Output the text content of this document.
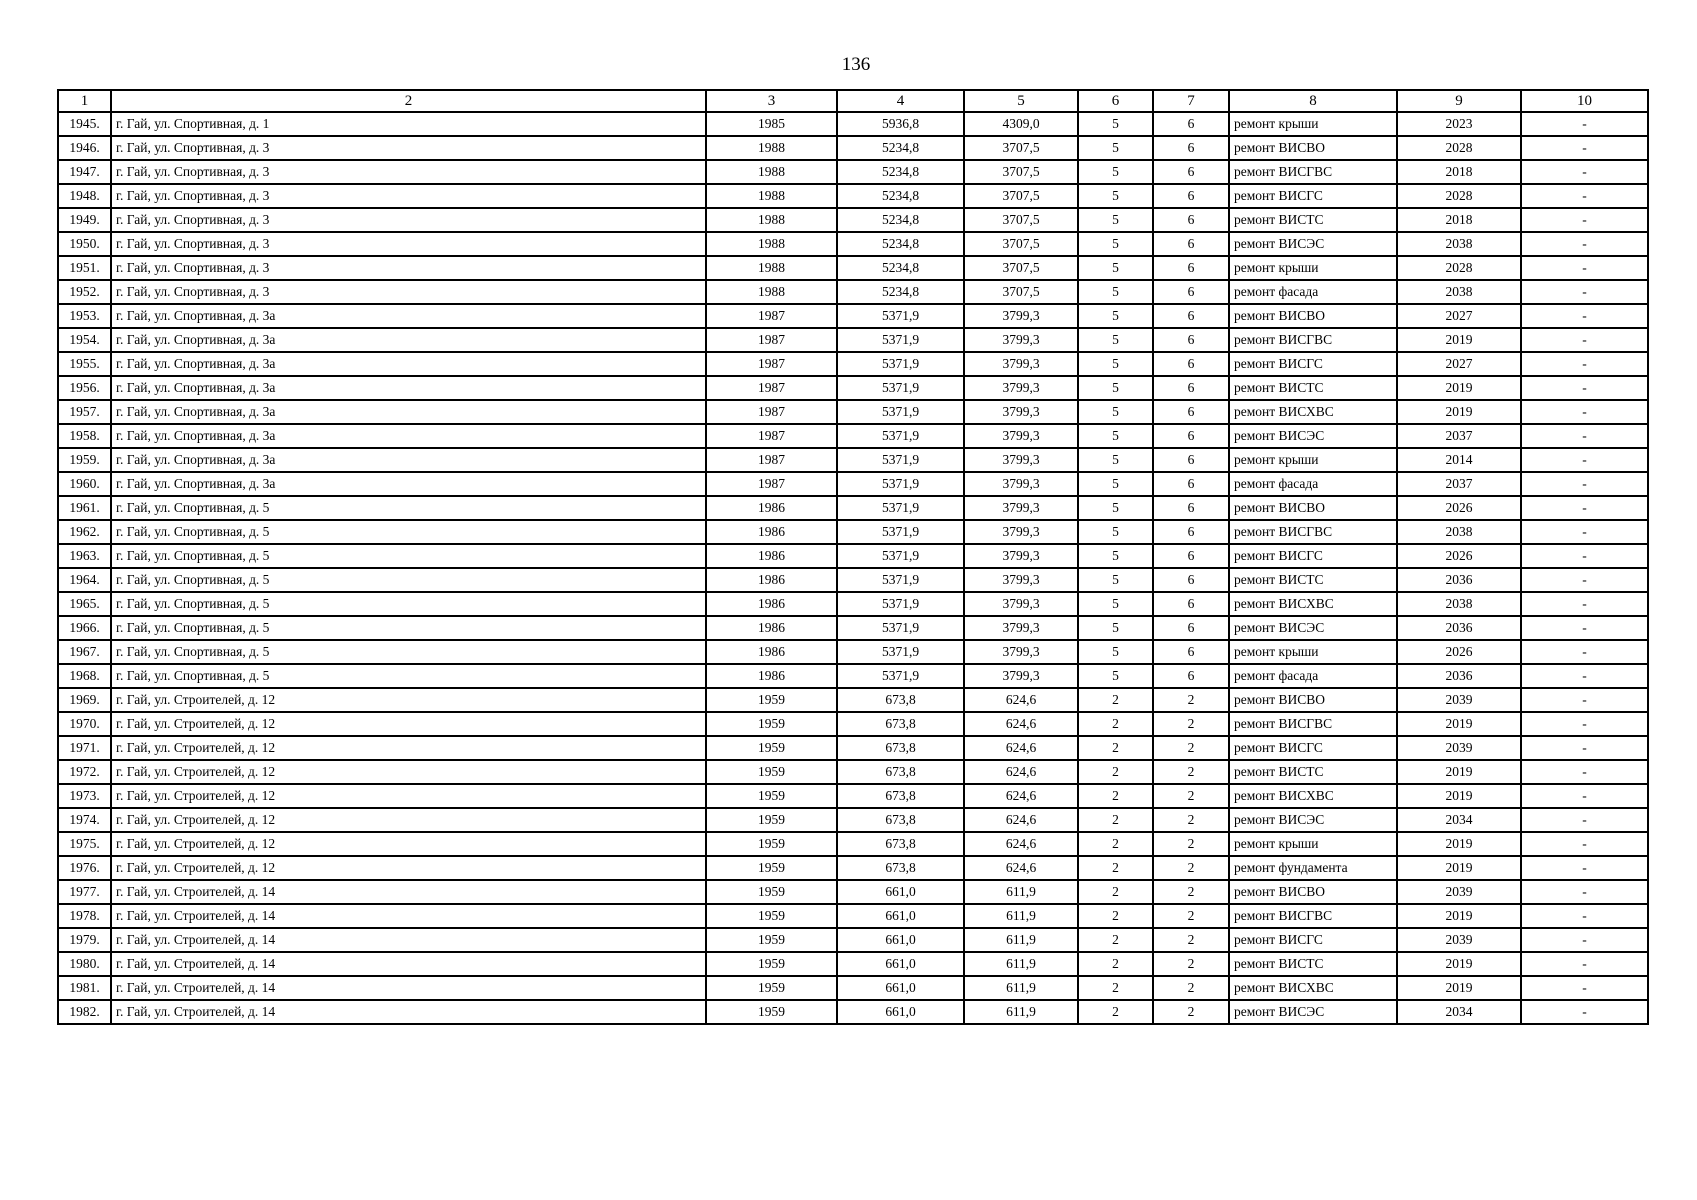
136
1	2	3	4	5	6	7	8	9	10
1945.	г. Гай, ул. Спортивная, д. 1	1985	5936,8	4309,0	5	6	ремонт крыши	2023	-
1946.	г. Гай, ул. Спортивная, д. 3	1988	5234,8	3707,5	5	6	ремонт ВИСВО	2028	-
1947.	г. Гай, ул. Спортивная, д. 3	1988	5234,8	3707,5	5	6	ремонт ВИСГВС	2018	-
1948.	г. Гай, ул. Спортивная, д. 3	1988	5234,8	3707,5	5	6	ремонт ВИСГС	2028	-
1949.	г. Гай, ул. Спортивная, д. 3	1988	5234,8	3707,5	5	6	ремонт ВИСТС	2018	-
1950.	г. Гай, ул. Спортивная, д. 3	1988	5234,8	3707,5	5	6	ремонт ВИСЭС	2038	-
1951.	г. Гай, ул. Спортивная, д. 3	1988	5234,8	3707,5	5	6	ремонт крыши	2028	-
1952.	г. Гай, ул. Спортивная, д. 3	1988	5234,8	3707,5	5	6	ремонт фасада	2038	-
1953.	г. Гай, ул. Спортивная, д. 3а	1987	5371,9	3799,3	5	6	ремонт ВИСВО	2027	-
1954.	г. Гай, ул. Спортивная, д. 3а	1987	5371,9	3799,3	5	6	ремонт ВИСГВС	2019	-
1955.	г. Гай, ул. Спортивная, д. 3а	1987	5371,9	3799,3	5	6	ремонт ВИСГС	2027	-
1956.	г. Гай, ул. Спортивная, д. 3а	1987	5371,9	3799,3	5	6	ремонт ВИСТС	2019	-
1957.	г. Гай, ул. Спортивная, д. 3а	1987	5371,9	3799,3	5	6	ремонт ВИСХВС	2019	-
1958.	г. Гай, ул. Спортивная, д. 3а	1987	5371,9	3799,3	5	6	ремонт ВИСЭС	2037	-
1959.	г. Гай, ул. Спортивная, д. 3а	1987	5371,9	3799,3	5	6	ремонт крыши	2014	-
1960.	г. Гай, ул. Спортивная, д. 3а	1987	5371,9	3799,3	5	6	ремонт фасада	2037	-
1961.	г. Гай, ул. Спортивная, д. 5	1986	5371,9	3799,3	5	6	ремонт ВИСВО	2026	-
1962.	г. Гай, ул. Спортивная, д. 5	1986	5371,9	3799,3	5	6	ремонт ВИСГВС	2038	-
1963.	г. Гай, ул. Спортивная, д. 5	1986	5371,9	3799,3	5	6	ремонт ВИСГС	2026	-
1964.	г. Гай, ул. Спортивная, д. 5	1986	5371,9	3799,3	5	6	ремонт ВИСТС	2036	-
1965.	г. Гай, ул. Спортивная, д. 5	1986	5371,9	3799,3	5	6	ремонт ВИСХВС	2038	-
1966.	г. Гай, ул. Спортивная, д. 5	1986	5371,9	3799,3	5	6	ремонт ВИСЭС	2036	-
1967.	г. Гай, ул. Спортивная, д. 5	1986	5371,9	3799,3	5	6	ремонт крыши	2026	-
1968.	г. Гай, ул. Спортивная, д. 5	1986	5371,9	3799,3	5	6	ремонт фасада	2036	-
1969.	г. Гай, ул. Строителей, д. 12	1959	673,8	624,6	2	2	ремонт ВИСВО	2039	-
1970.	г. Гай, ул. Строителей, д. 12	1959	673,8	624,6	2	2	ремонт ВИСГВС	2019	-
1971.	г. Гай, ул. Строителей, д. 12	1959	673,8	624,6	2	2	ремонт ВИСГС	2039	-
1972.	г. Гай, ул. Строителей, д. 12	1959	673,8	624,6	2	2	ремонт ВИСТС	2019	-
1973.	г. Гай, ул. Строителей, д. 12	1959	673,8	624,6	2	2	ремонт ВИСХВС	2019	-
1974.	г. Гай, ул. Строителей, д. 12	1959	673,8	624,6	2	2	ремонт ВИСЭС	2034	-
1975.	г. Гай, ул. Строителей, д. 12	1959	673,8	624,6	2	2	ремонт крыши	2019	-
1976.	г. Гай, ул. Строителей, д. 12	1959	673,8	624,6	2	2	ремонт фундамента	2019	-
1977.	г. Гай, ул. Строителей, д. 14	1959	661,0	611,9	2	2	ремонт ВИСВО	2039	-
1978.	г. Гай, ул. Строителей, д. 14	1959	661,0	611,9	2	2	ремонт ВИСГВС	2019	-
1979.	г. Гай, ул. Строителей, д. 14	1959	661,0	611,9	2	2	ремонт ВИСГС	2039	-
1980.	г. Гай, ул. Строителей, д. 14	1959	661,0	611,9	2	2	ремонт ВИСТС	2019	-
1981.	г. Гай, ул. Строителей, д. 14	1959	661,0	611,9	2	2	ремонт ВИСХВС	2019	-
1982.	г. Гай, ул. Строителей, д. 14	1959	661,0	611,9	2	2	ремонт ВИСЭС	2034	-
